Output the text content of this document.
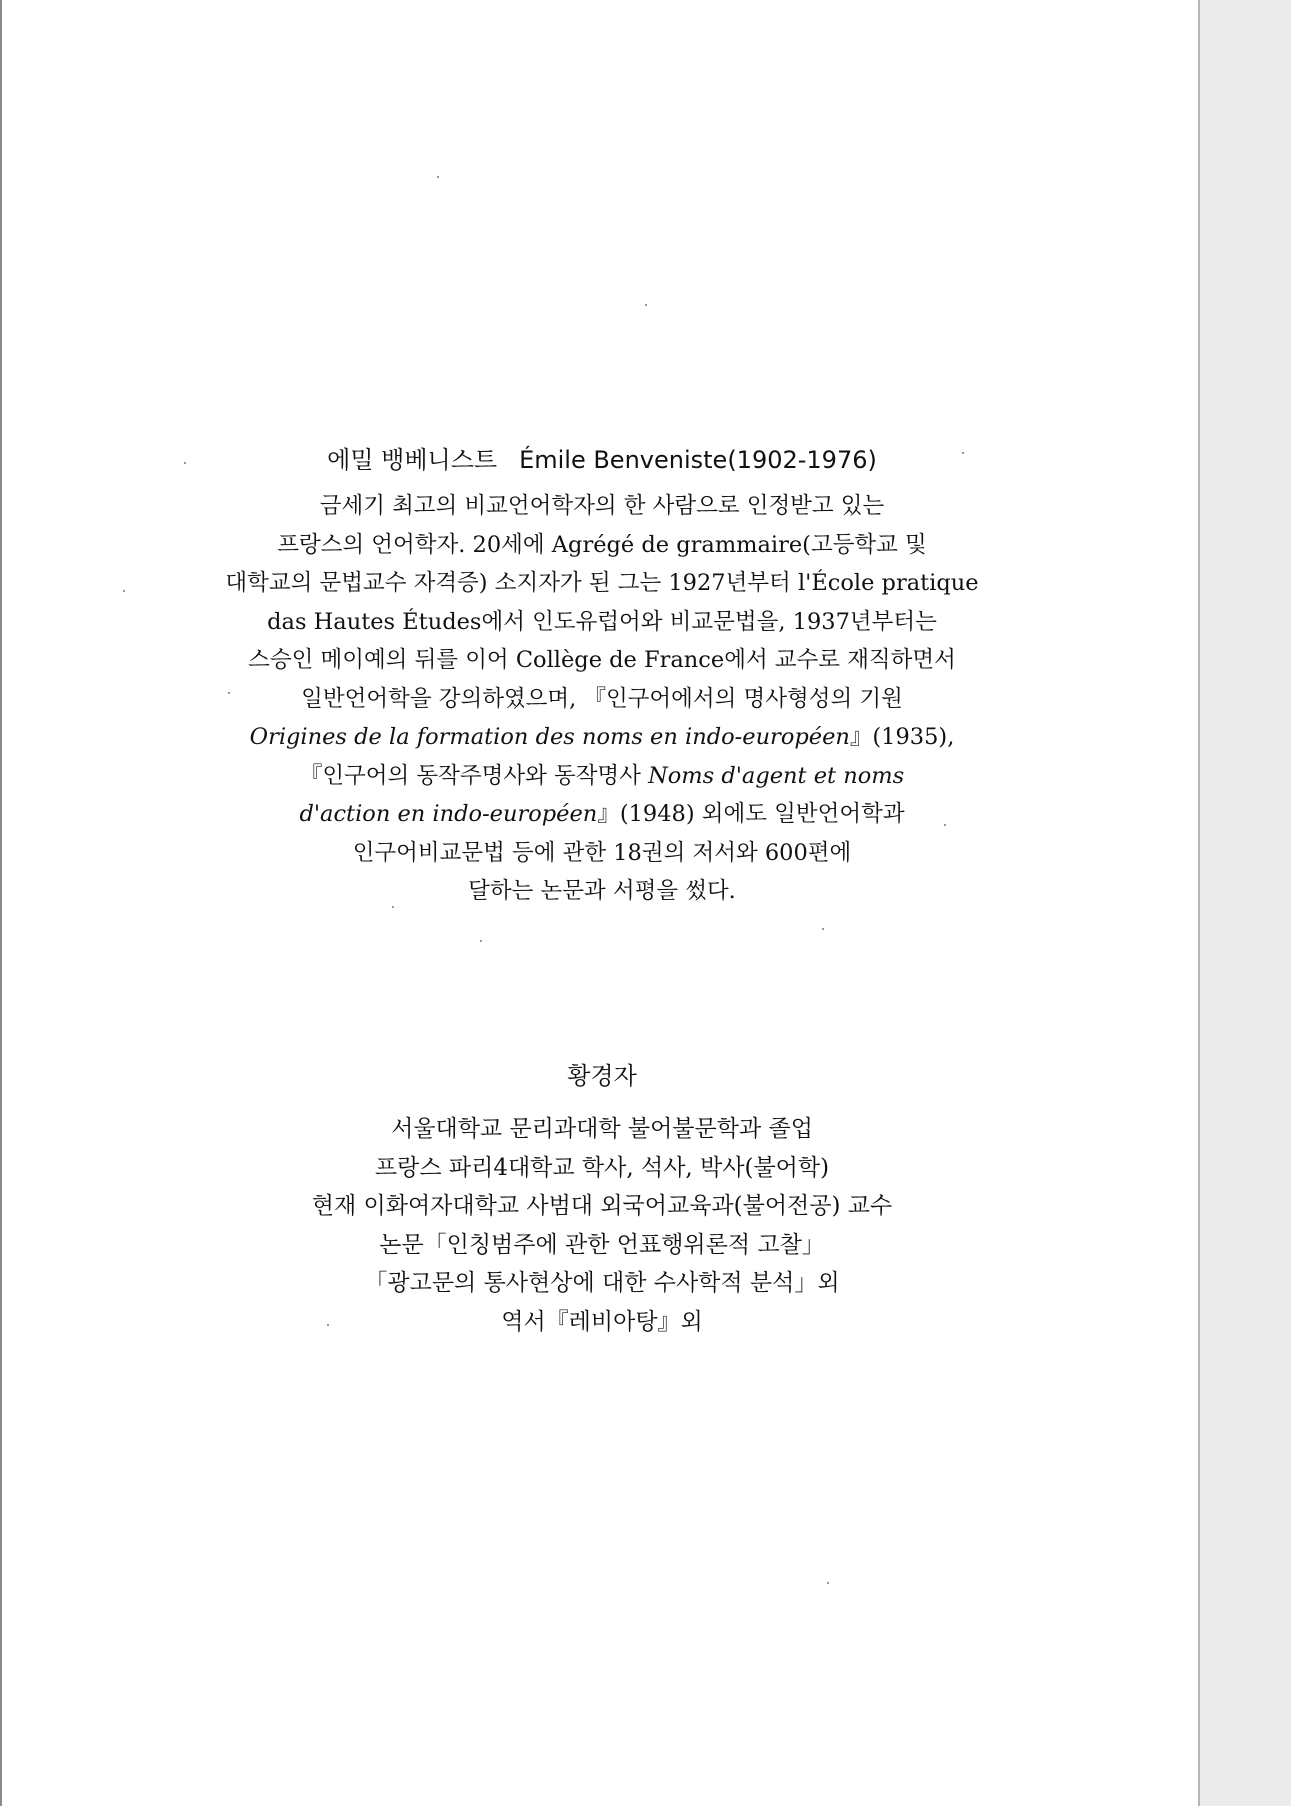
에밀 뱅베니스트 Émile Benveniste(1902-1976)
금세기 최고의 비교언어학자의 한 사람으로 인정받고 있는
프랑스의 언어학자. 20세에 Agrégé de grammaire(고등학교 및
대학교의 문법교수 자격증) 소지자가 된 그는 1927년부터 l'École pratique
das Hautes Études에서 인도유럽어와 비교문법을, 1937년부터는
스승인 메이예의 뒤를 이어 Collège de France에서 교수로 재직하면서
일반언어학을 강의하였으며, 『인구어에서의 명사형성의 기원
Origines de la formation des noms en indo-européen』(1935),
『인구어의 동작주명사와 동작명사 Noms d'agent et noms
d'action en indo-européen』(1948) 외에도 일반언어학과
인구어비교문법 등에 관한 18권의 저서와 600편에
달하는 논문과 서평을 썼다.
황경자
서울대학교 문리과대학 불어불문학과 졸업
프랑스 파리4대학교 학사, 석사, 박사(불어학)
현재 이화여자대학교 사범대 외국어교육과(불어전공) 교수
논문「인칭범주에 관한 언표행위론적 고찰」
「광고문의 통사현상에 대한 수사학적 분석」외
역서『레비아탕』외
